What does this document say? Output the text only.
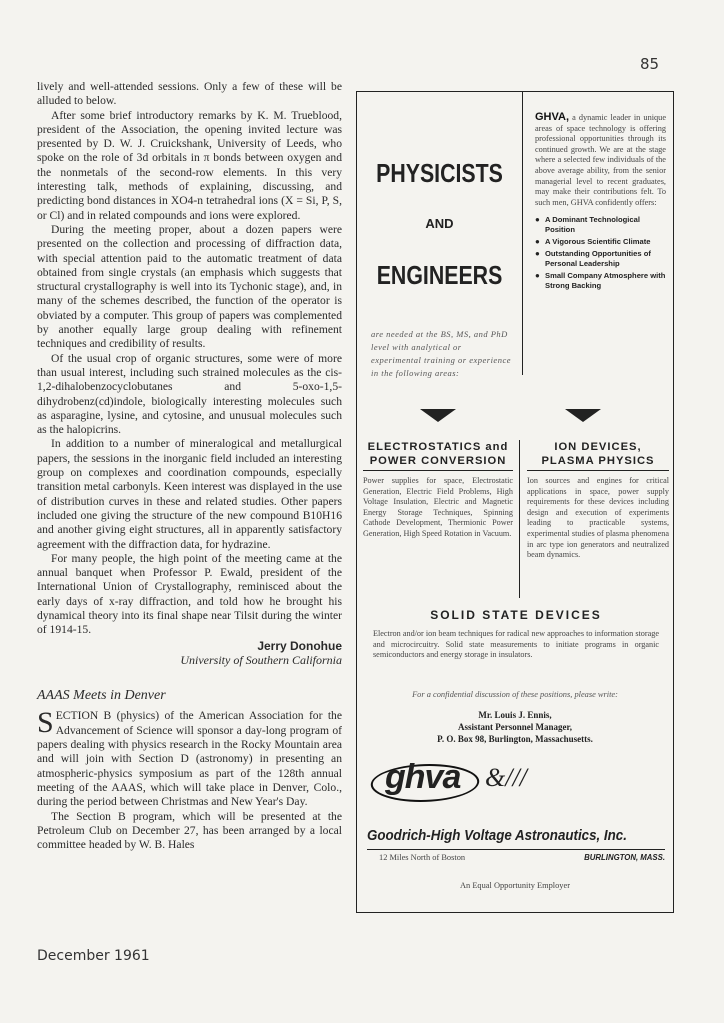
85

lively and well-attended sessions. Only a few of these will be alluded to below.

After some brief introductory remarks by K. M. Trueblood, president of the Association, the opening invited lecture was presented by D. W. J. Cruickshank, University of Leeds, who spoke on the role of 3d orbitals in π bonds between oxygen and the nonmetals of the second-row elements. In this very interesting talk, methods of explaining, discussing, and predicting bond distances in XO4-n tetrahedral ions (X = Si, P, S, or Cl) and in related compounds and ions were explored.

During the meeting proper, about a dozen papers were presented on the collection and processing of diffraction data, with special attention paid to the automatic treatment of data obtained from single crystals (an emphasis which suggests that structural crystallography is well into its Tychonic stage), and, in many of the schemes described, the function of the operator is obviated by a computer. This group of papers was complemented by another equally large group dealing with refinement techniques and credibility of results.

Of the usual crop of organic structures, some were of more than usual interest, including such strained molecules as the cis-1,2-dihalobenzocyclobutanes and 5-oxo-1,5-dihydrobenz(cd)indole, biologically interesting molecules such as asparagine, lysine, and cytosine, and unusual molecules such as the halopicrins.

In addition to a number of mineralogical and metallurgical papers, the sessions in the inorganic field included an interesting group on complexes and coordination compounds, especially transition metal carbonyls. Keen interest was displayed in the use of distribution curves in these and related studies. Other papers included one giving the structure of the new compound B10H16 and another giving eight structures, all in apparently satisfactory agreement with the diffraction data, for hydrazine.

For many people, the high point of the meeting came at the annual banquet when Professor P. Ewald, president of the International Union of Crystallography, reminisced about the early days of x-ray diffraction, and told how he brought his dynamical theory into its final shape near Tilsit during the winter of 1914-15.

Jerry Donohue
University of Southern California
AAAS Meets in Denver

SECTION B (physics) of the American Association for the Advancement of Science will sponsor a day-long program of papers dealing with physics research in the Rocky Mountain area and will join with Section D (astronomy) in presenting an atmospheric-physics symposium as part of the 128th annual meeting of the AAAS, which will take place in Denver, Colo., during the period between Christmas and New Year's Day.

The Section B program, which will be presented at the Petroleum Club on December 27, has been arranged by a local committee headed by W. B. Hales

December 1961
PHYSICISTS
AND
ENGINEERS
are needed at the BS, MS, and PhD level with analytical or experimental training or experience in the following areas:
GHVA, a dynamic leader in unique areas of space technology is offering professional opportunities through its continued growth. We are at the stage where a selected few individuals of the above average ability, from the senior managerial level to recent graduates, may make their contributions felt. To such men, GHVA confidently offers:
● A Dominant Technological Position
● A Vigorous Scientific Climate
● Outstanding Opportunities of Personal Leadership
● Small Company Atmosphere with Strong Backing
ELECTROSTATICS and POWER CONVERSION
Power supplies for space, Electrostatic Generation, Electric Field Problems, High Voltage Insulation, Electric and Magnetic Energy Storage Techniques, Spinning Cathode Development, Thermionic Power Generation, High Speed Rotation in Vacuum.
ION DEVICES, PLASMA PHYSICS
Ion sources and engines for critical applications in space, power supply requirements for these devices including design and execution of experiments leading to practicable systems, experimental studies of plasma phenomena in arc type ion generators and neutralized beam dynamics.
SOLID STATE DEVICES
Electron and/or ion beam techniques for radical new approaches to information storage and microcircuitry. Solid state measurements to initiate programs in organic semiconductors and energy storage in insulators.
For a confidential discussion of these positions, please write:
Mr. Louis J. Ennis,
Assistant Personnel Manager,
P. O. Box 98, Burlington, Massachusetts.
ghva &///
Goodrich-High Voltage Astronautics, Inc.
12 Miles North of Boston	BURLINGTON, MASS.
An Equal Opportunity Employer
